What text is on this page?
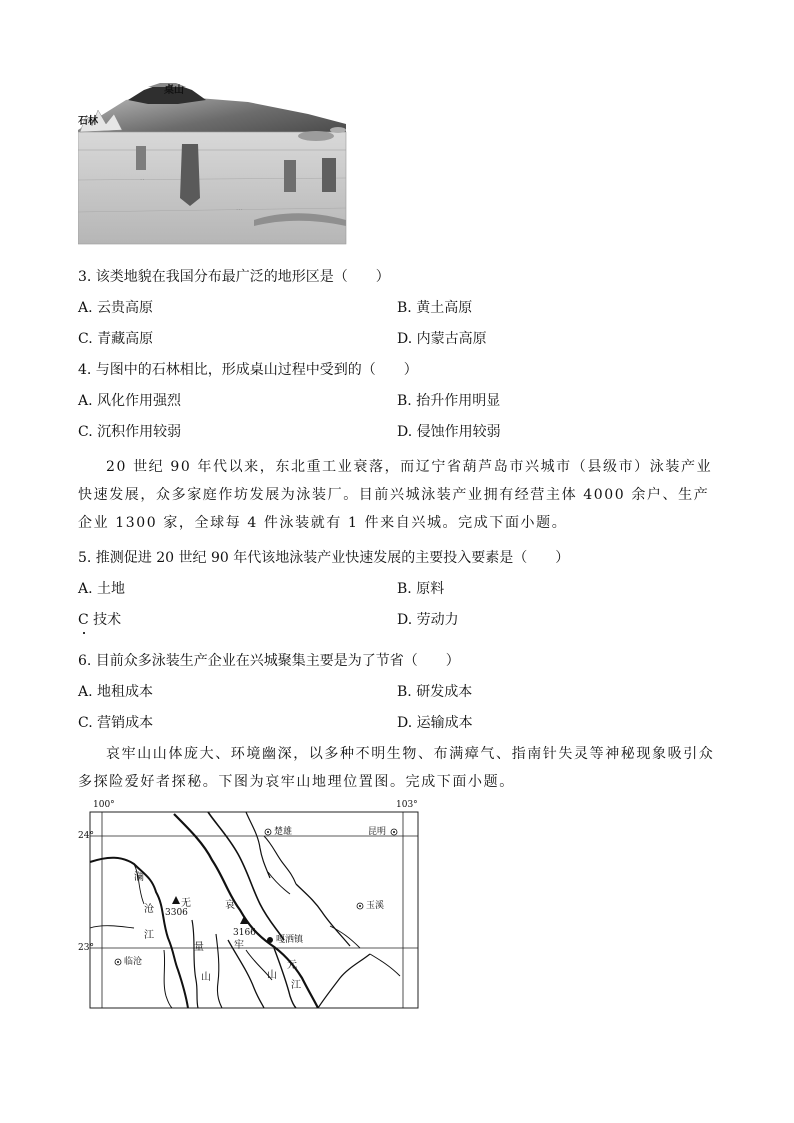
··
···
桌山
石林
3. 该类地貌在我国分布最广泛的地形区是（　　）
A. 云贵高原	B. 黄土高原
C. 青藏高原	D. 内蒙古高原
4. 与图中的石林相比，形成桌山过程中受到的（　　）
A. 风化作用强烈	B. 抬升作用明显
C. 沉积作用较弱	D. 侵蚀作用较弱
20 世纪 90 年代以来，东北重工业衰落，而辽宁省葫芦岛市兴城市（县级市）泳装产业快速发展，众多家庭作坊发展为泳装厂。目前兴城泳装产业拥有经营主体 4000 余户、生产企业 1300 家，全球每 4 件泳装就有 1 件来自兴城。完成下面小题。
5. 推测促进 20 世纪 90 年代该地泳装产业快速发展的主要投入要素是（　　）
A. 土地	B. 原料
C 技术	D. 劳动力
6. 目前众多泳装生产企业在兴城聚集主要是为了节省（　　）
A. 地租成本	B. 研发成本
C. 营销成本	D. 运输成本
哀牢山山体庞大、环境幽深，以多种不明生物、布满瘴气、指南针失灵等神秘现象吸引众多探险爱好者探秘。下图为哀牢山地理位置图。完成下面小题。
100°	103°
24°
23°
楚雄	昆明
玉溪
临沧
嘎洒镇
3306
3166
澜
沧
江
无
量
山
哀
牢
山
元
江
